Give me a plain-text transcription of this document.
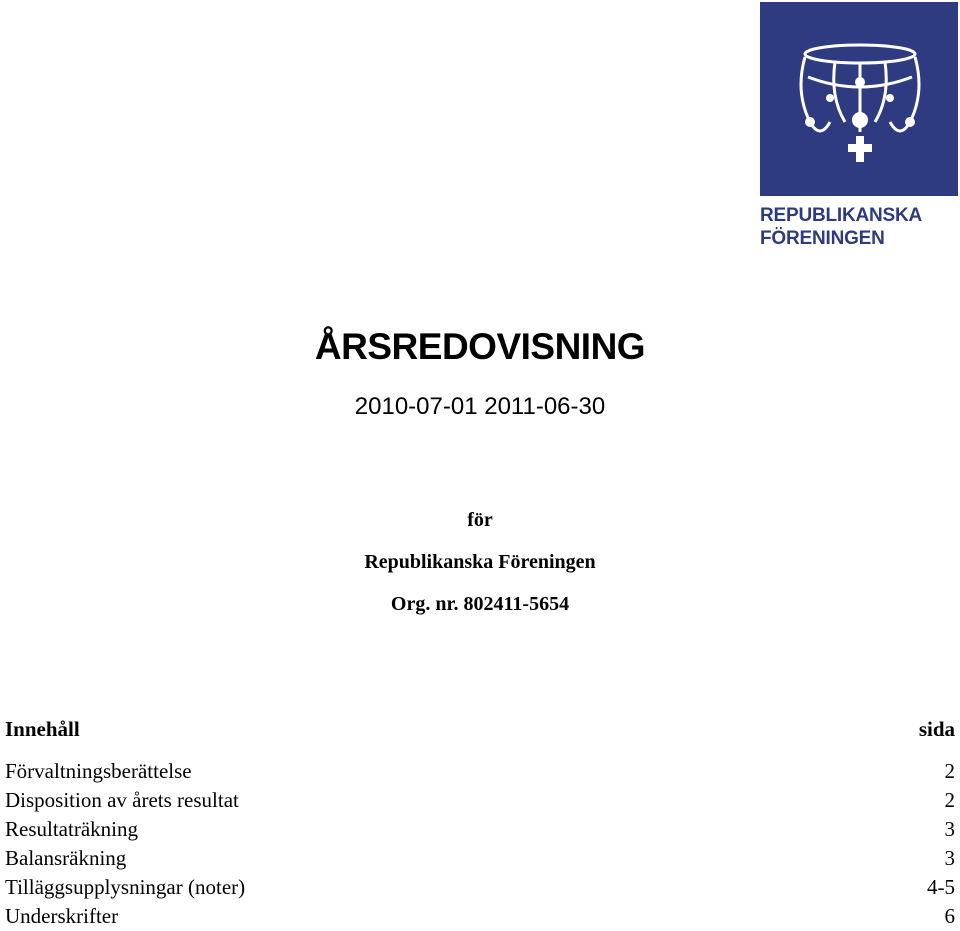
REPUBLIKANSKA
FÖRENINGEN
ÅRSREDOVISNING
2010-07-01 2011-06-30
för
Republikanska Föreningen
Org. nr. 802411-5654
Innehåll	sida
Förvaltningsberättelse	2
Disposition av årets resultat	2
Resultaträkning	3
Balansräkning	3
Tilläggsupplysningar (noter)	4-5
Underskrifter	6
